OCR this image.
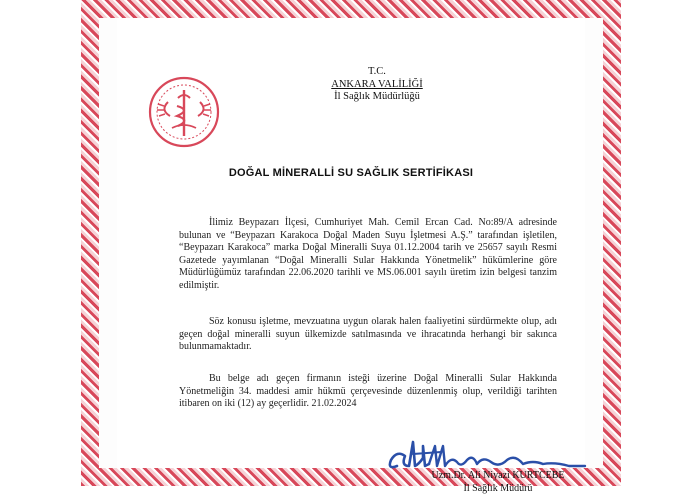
T.C.
ANKARA VALİLİĞİ
İl Sağlık Müdürlüğü
DOĞAL MİNERALLİ SU SAĞLIK SERTİFİKASI

İlimiz Beypazarı İlçesi, Cumhuriyet Mah. Cemil Ercan Cad. No:89/A adresinde bulunan ve “Beypazarı Karakoca Doğal Maden Suyu İşletmesi A.Ş.” tarafından işletilen, “Beypazarı Karakoca” marka Doğal Mineralli Suya 01.12.2004 tarih ve 25657 sayılı Resmi Gazetede yayımlanan “Doğal Mineralli Sular Hakkında Yönetmelik” hükümlerine göre Müdürlüğümüz tarafından 22.06.2020 tarihli ve MS.06.001 sayılı üretim izin belgesi tanzim edilmiştir.

Söz konusu işletme, mevzuatına uygun olarak halen faaliyetini sürdürmekte olup, adı geçen doğal mineralli suyun ülkemizde satılmasında ve ihracatında herhangi bir sakınca bulunmamaktadır.

Bu belge adı geçen firmanın isteği üzerine Doğal Mineralli Sular Hakkında Yönetmeliğin 34. maddesi amir hükmü çerçevesinde düzenlenmiş olup, verildiği tarihten itibaren on iki (12) ay geçerlidir. 21.02.2024

Uzm.Dr. Ali Niyazi KURTCEBE
İl Sağlık Müdürü
